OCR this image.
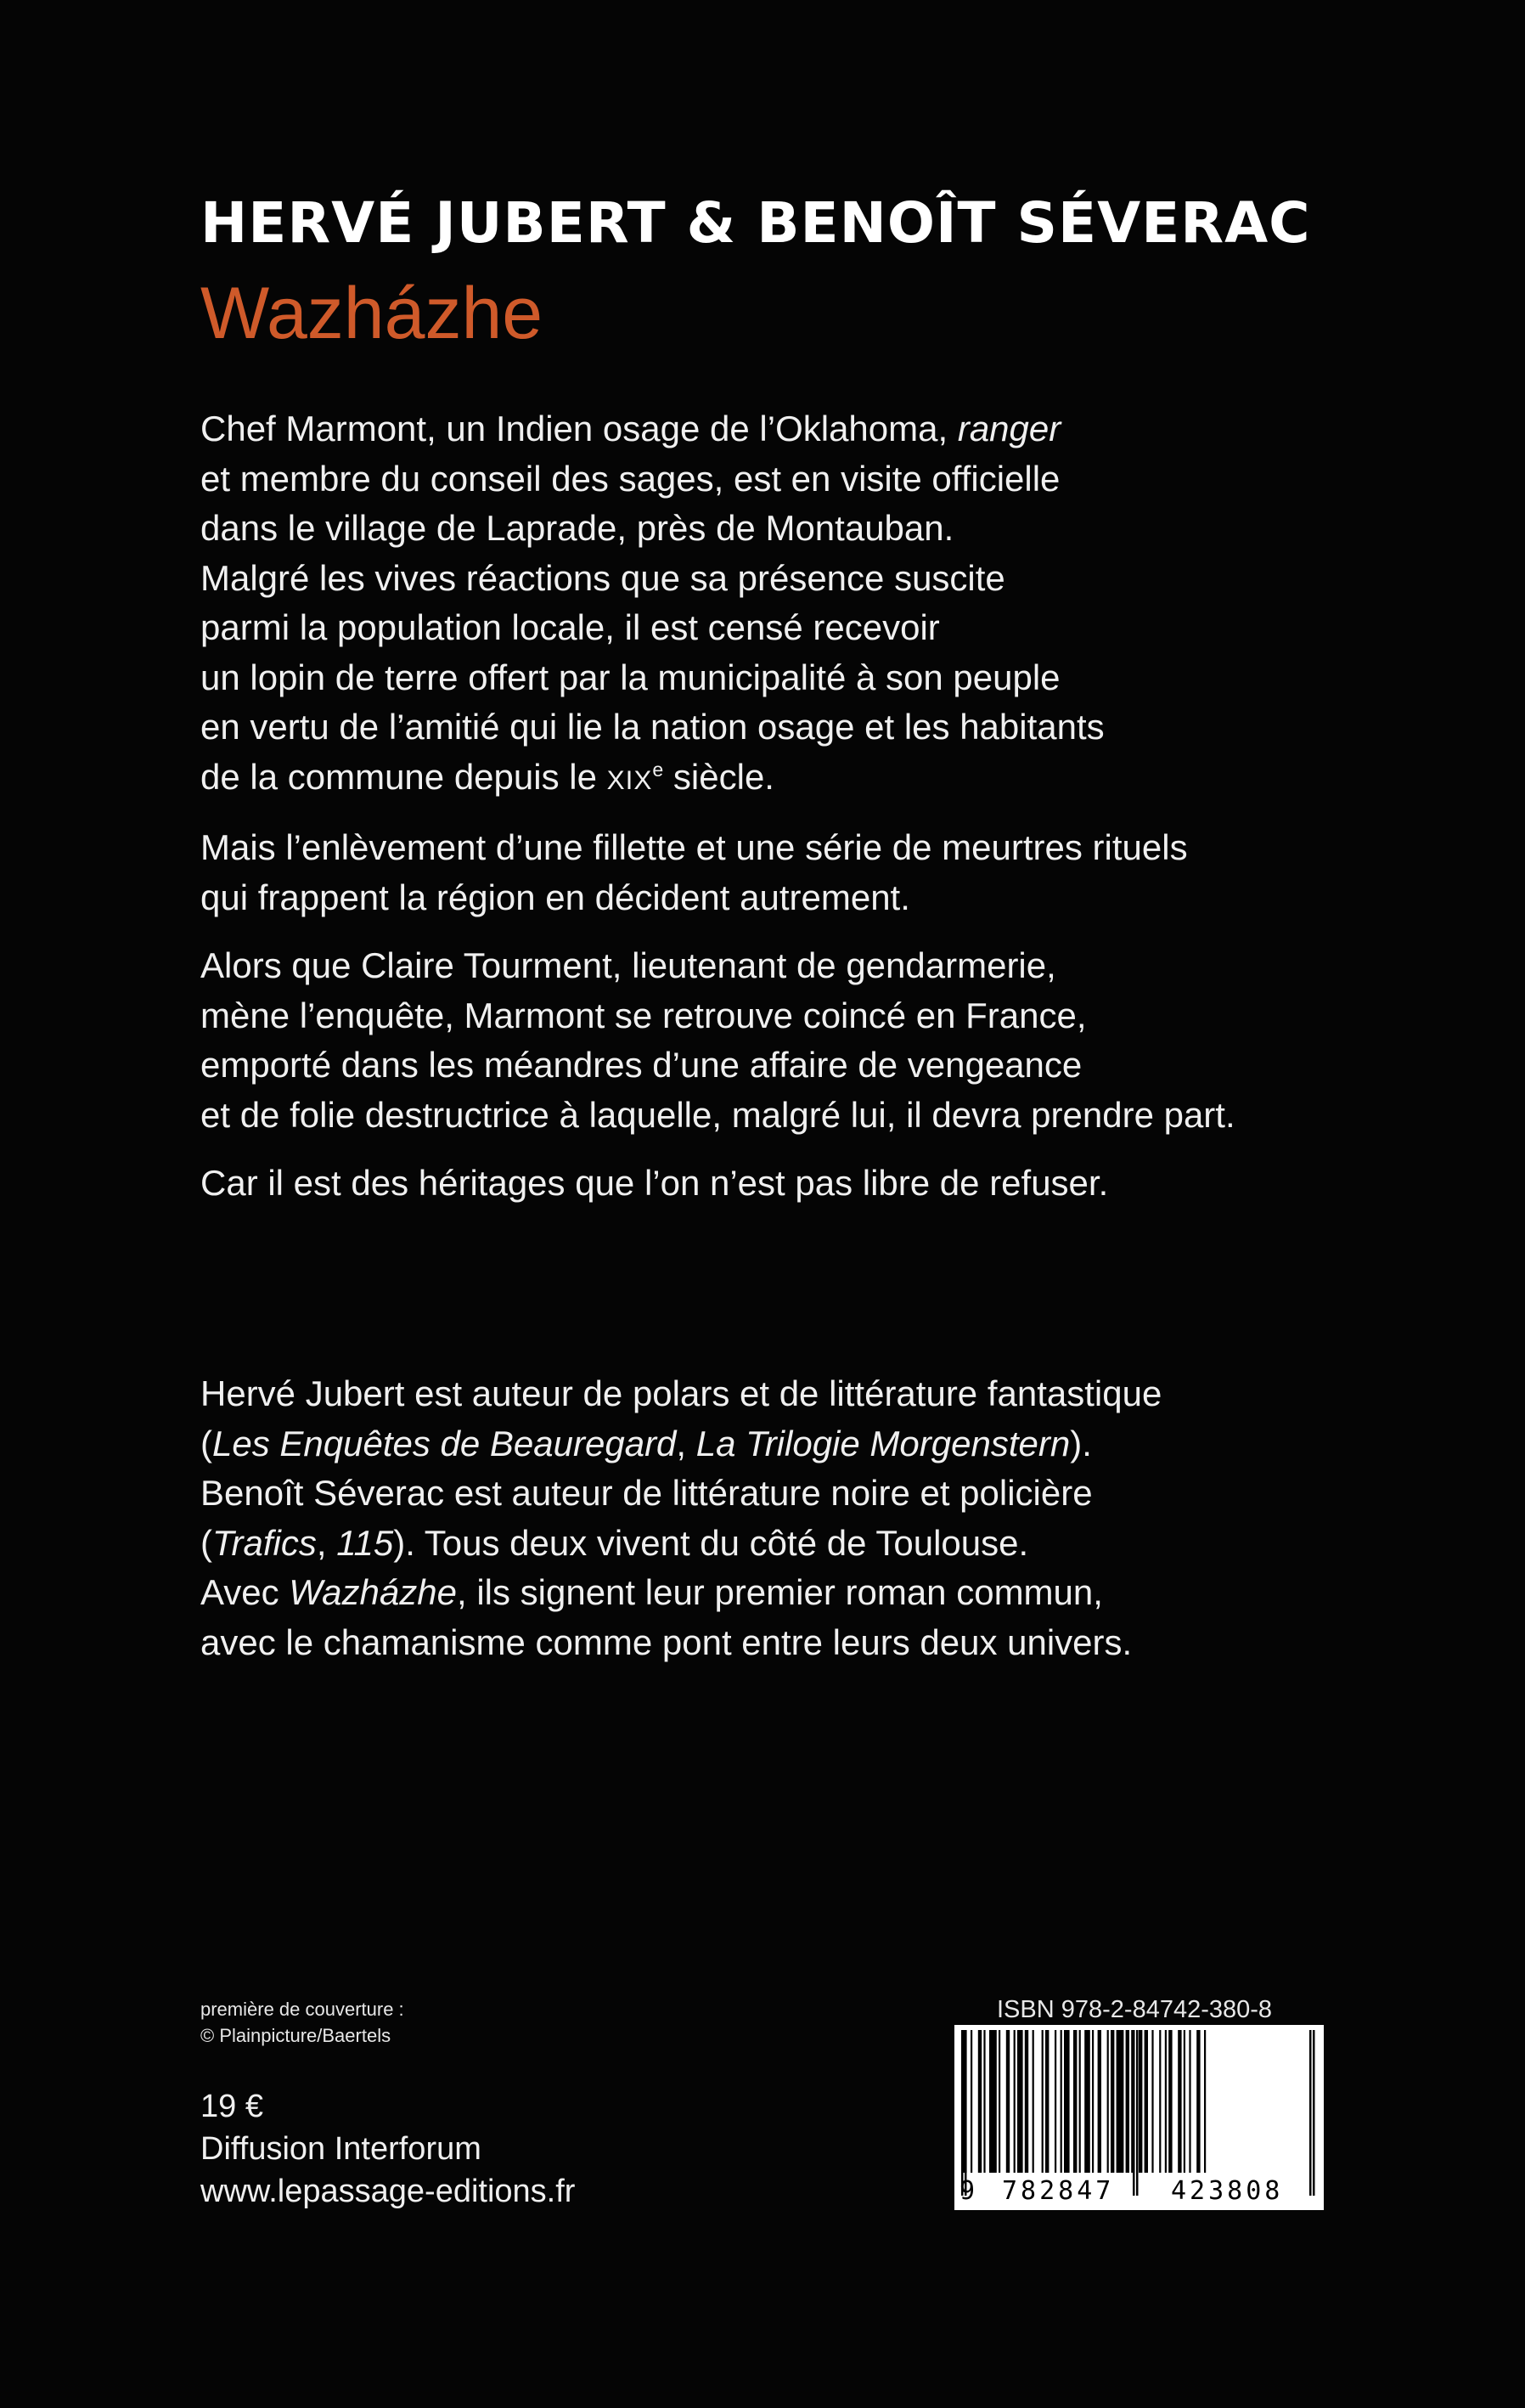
HERVÉ JUBERT & BENOÎT SÉVERAC
Wazházhe

Chef Marmont, un Indien osage de l’Oklahoma, ranger
et membre du conseil des sages, est en visite officielle
dans le village de Laprade, près de Montauban.
Malgré les vives réactions que sa présence suscite
parmi la population locale, il est censé recevoir
un lopin de terre offert par la municipalité à son peuple
en vertu de l’amitié qui lie la nation osage et les habitants
de la commune depuis le XIXe siècle.

Mais l’enlèvement d’une fillette et une série de meurtres rituels
qui frappent la région en décident autrement.

Alors que Claire Tourment, lieutenant de gendarmerie,
mène l’enquête, Marmont se retrouve coincé en France,
emporté dans les méandres d’une affaire de vengeance
et de folie destructrice à laquelle, malgré lui, il devra prendre part.

Car il est des héritages que l’on n’est pas libre de refuser.

Hervé Jubert est auteur de polars et de littérature fantastique
(Les Enquêtes de Beauregard, La Trilogie Morgenstern).
Benoît Séverac est auteur de littérature noire et policière
(Trafics, 115). Tous deux vivent du côté de Toulouse.
Avec Wazházhe, ils signent leur premier roman commun,
avec le chamanisme comme pont entre leurs deux univers.
première de couverture :
© Plainpicture/Baertels
19 €
Diffusion Interforum
www.lepassage-editions.fr
ISBN 978-2-84742-380-8
9 782847 423808
